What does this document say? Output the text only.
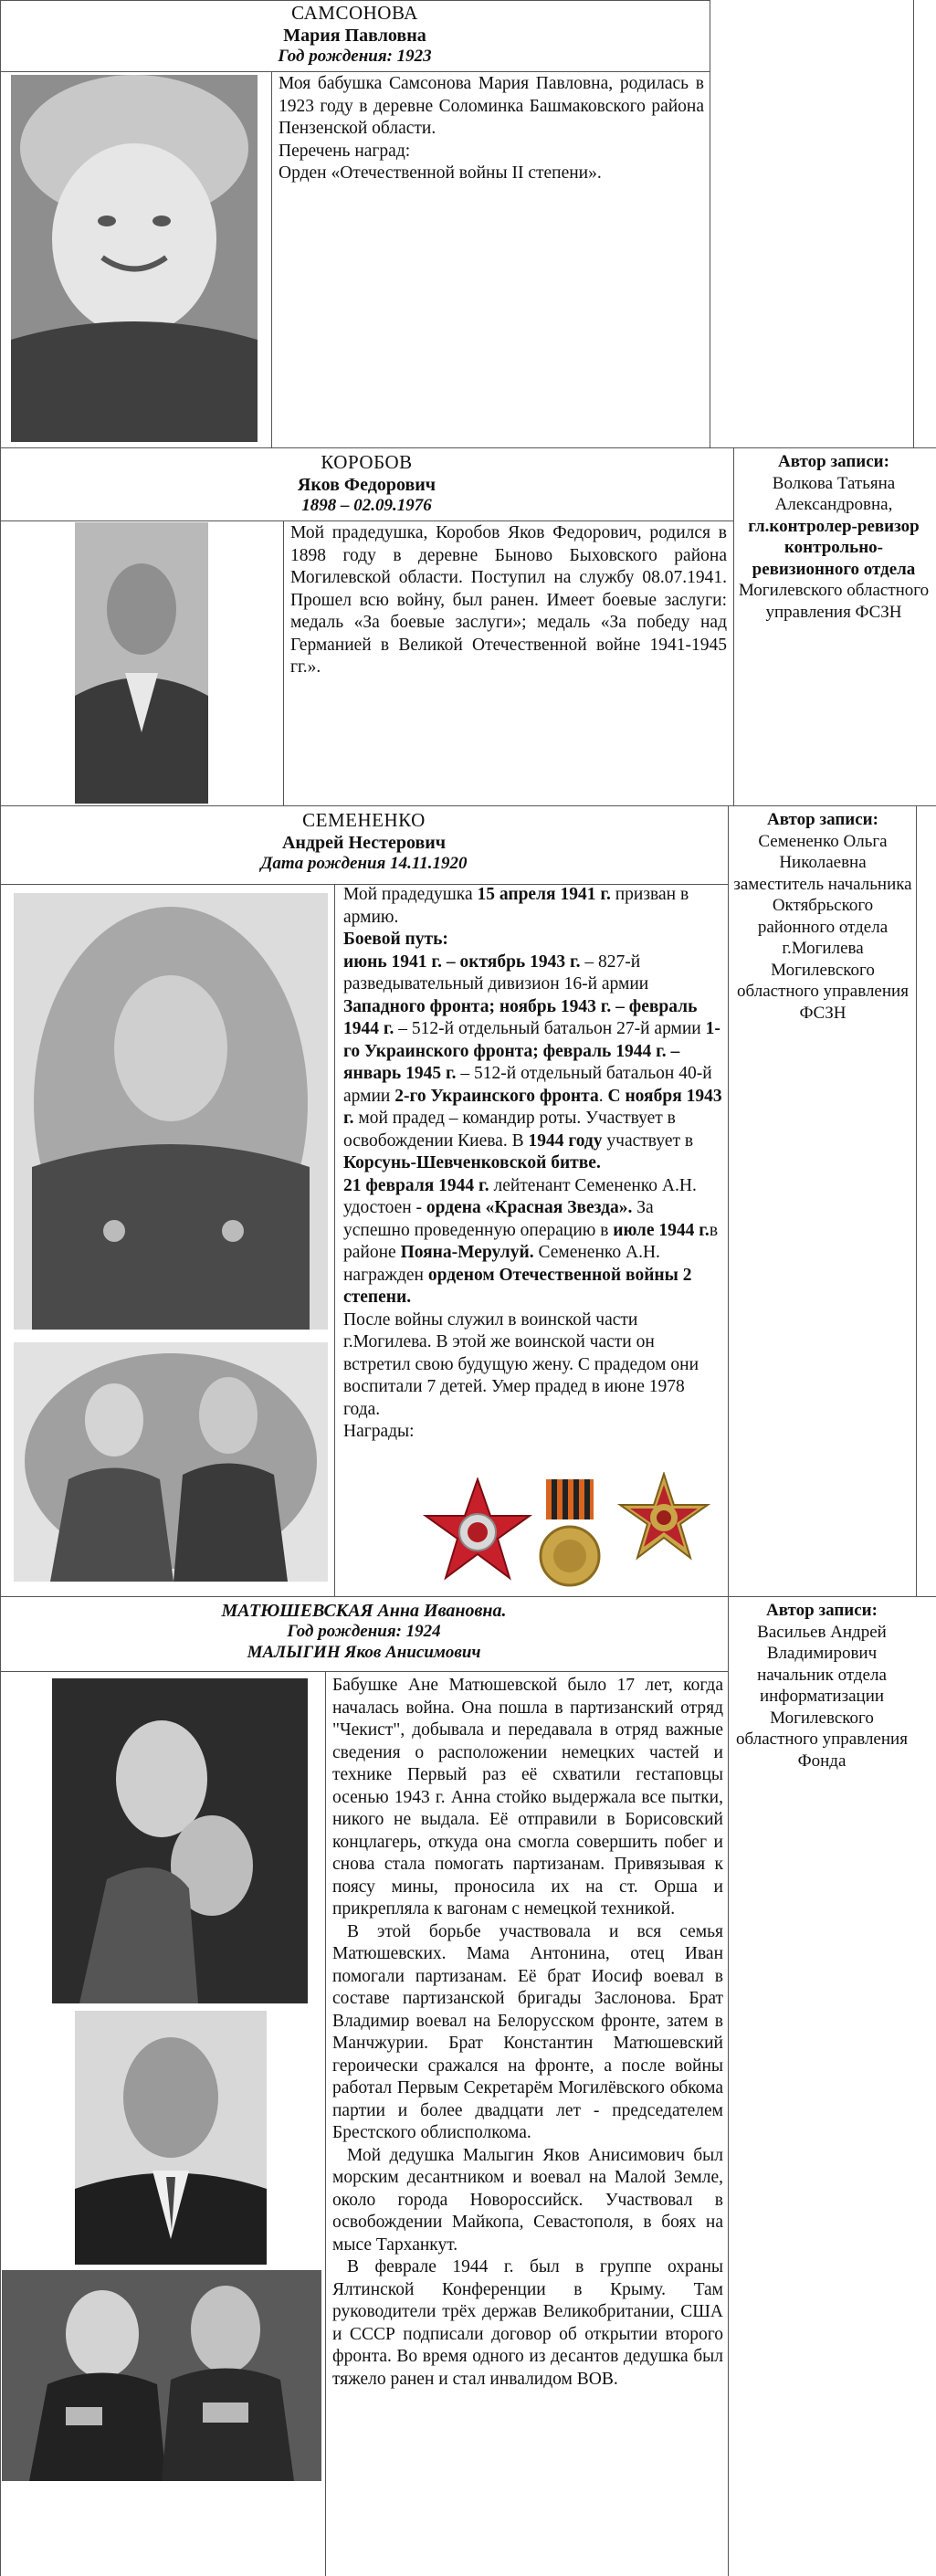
САМСОНОВА
Мария Павловна
Год рождения: 1923

Моя бабушка Самсонова Мария Павловна, родилась в 1923 году в деревне Соломинка Башмаковского района Пензенской области.

Перечень наград:

Орден «Отечественной войны II степени».

КОРОБОВ
Яков Федорович
1898 – 02.09.1976

Мой прадедушка, Коробов Яков Федорович, родился в 1898 году в деревне Быново Быховского района Могилевской области. Поступил на службу 08.07.1941. Прошел всю войну, был ранен. Имеет боевые заслуги: медаль «За боевые заслуги»; медаль «За победу над Германией в Великой Отечественной войне 1941-1945 гг.».

Автор записи:
Волкова Татьяна Александровна,
гл.контролер-ревизор контрольно-ревизионного отдела
Могилевского областного управления ФСЗН
СЕМЕНЕНКО
Андрей Нестерович
Дата рождения 14.11.1920

Мой прадедушка 15 апреля 1941 г. призван в армию.

Боевой путь:

июнь 1941 г. – октябрь 1943 г. – 827-й разведывательный дивизион 16-й армии Западного фронта; ноябрь 1943 г. – февраль 1944 г. – 512-й отдельный батальон 27-й армии 1-го Украинского фронта; февраль 1944 г. – январь 1945 г. – 512-й отдельный батальон 40-й армии 2-го Украинского фронта. С ноября 1943 г. мой прадед – командир роты. Участвует в освобождении Киева. В 1944 году участвует в Корсунь-Шевченковской битве.

21 февраля 1944 г. лейтенант Семененко А.Н. удостоен - ордена «Красная Звезда». За успешно проведенную операцию в июле 1944 г.в районе Пояна-Мерулуй. Семененко А.Н. награжден орденом Отечественной войны 2 степени.

После войны служил в воинской части г.Могилева. В этой же воинской части он встретил свою будущую жену. С прадедом они воспитали 7 детей. Умер прадед в июне 1978 года.

Награды:

Автор записи:
Семененко Ольга Николаевна заместитель начальника Октябрьского районного отдела г.Могилева Могилевского областного управления ФСЗН
МАТЮШЕВСКАЯ Анна Ивановна.
Год рождения: 1924
МАЛЫГИН Яков Анисимович

Бабушке Ане Матюшевской было 17 лет, когда началась война. Она пошла в партизанский отряд "Чекист", добывала и передавала в отряд важные сведения о расположении немецких частей и технике Первый раз её схватили гестаповцы осенью 1943 г. Анна стойко выдержала все пытки, никого не выдала. Её отправили в Борисовский концлагерь, откуда она смогла совершить побег и снова стала помогать партизанам. Привязывая к поясу мины, проносила их на ст. Орша и прикрепляла к вагонам с немецкой техникой.

В этой борьбе участвовала и вся семья Матюшевских. Мама Антонина, отец Иван помогали партизанам. Её брат Иосиф воевал в составе партизанской бригады Заслонова. Брат Владимир воевал на Белорусском фронте, затем в Манчжурии. Брат Константин Матюшевский героически сражался на фронте, а после войны работал Первым Секретарём Могилёвского обкома партии и более двадцати лет - председателем Брестского облисполкома.

Мой дедушка Малыгин Яков Анисимович был морским десантником и воевал на Малой Земле, около города Новороссийск. Участвовал в освобождении Майкопа, Севастополя, в боях на мысе Тарханкут.

В феврале 1944 г. был в группе охраны Ялтинской Конференции в Крыму. Там руководители трёх держав Великобритании, США и СССР подписали договор об открытии второго фронта. Во время одного из десантов дедушка был тяжело ранен и стал инвалидом ВОВ.

Автор записи:
Васильев Андрей Владимирович начальник отдела информатизации Могилевского областного управления Фонда
